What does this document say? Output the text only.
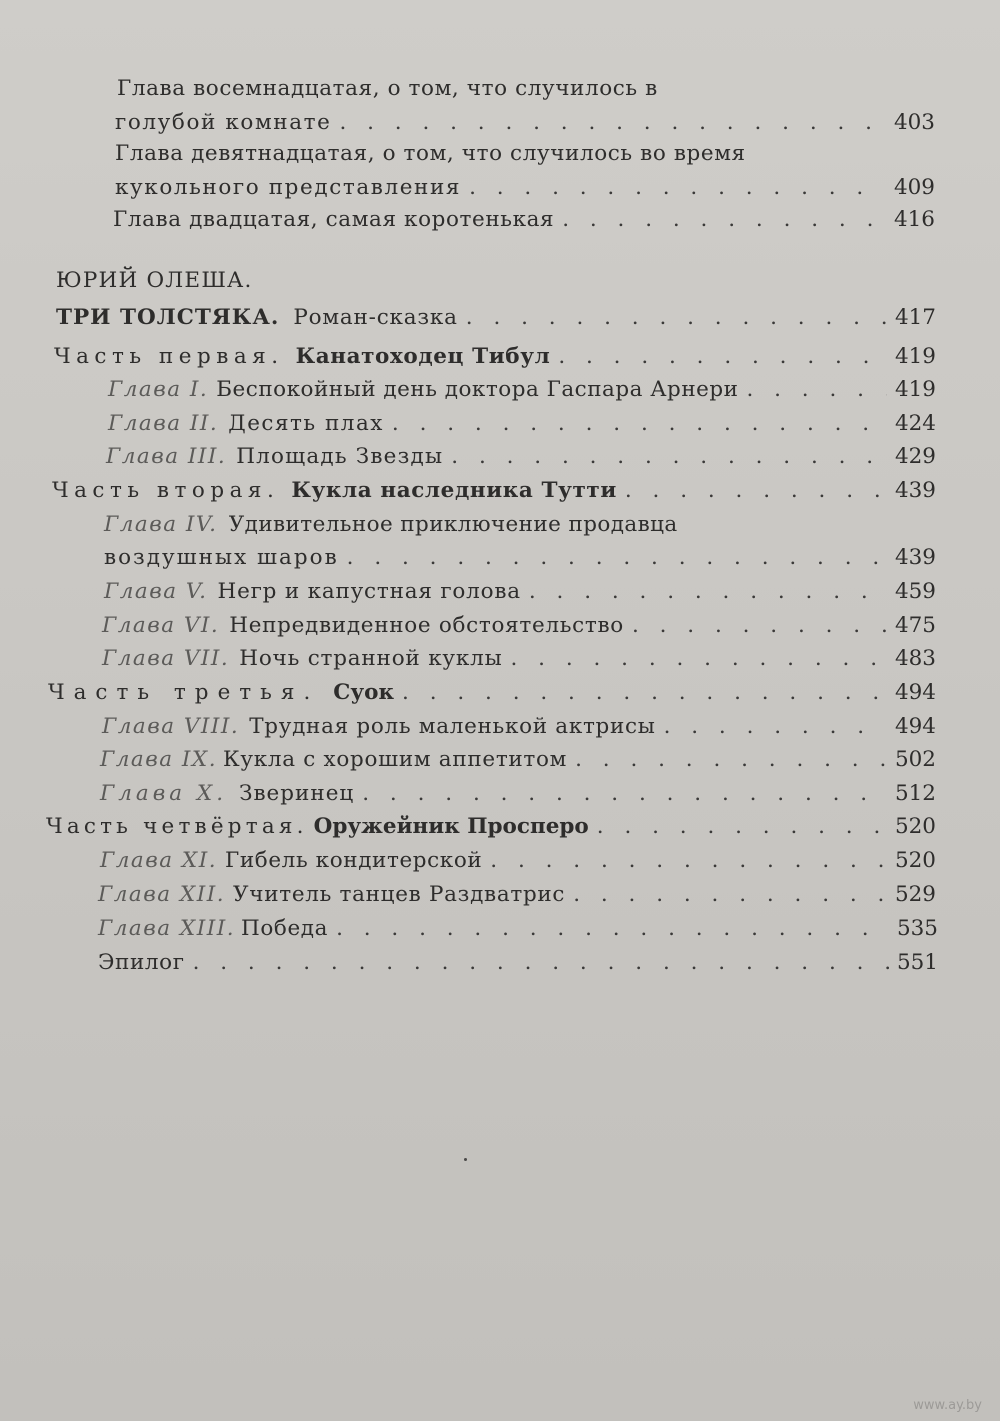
Глава восемнадцатая, о том, что случилось в
голубой комнате . . .	403
Глава девятнадцатая, о том, что случилось во время
кукольного представления . . .	409
Глава двадцатая, самая коротенькая . . .	416
ЮРИЙ ОЛЕША.
ТРИ ТОЛСТЯКА. Роман-сказка . . .	417
Часть первая. Канатоходец Тибул . . .	419
Глава I. Беспокойный день доктора Гаспара Арнери . . .	419
Глава II. Десять плах . . .	424
Глава III. Площадь Звезды . . .	429
Часть вторая. Кукла наследника Тутти . . .	439
Глава IV. Удивительное приключение продавца
воздушных шаров . . .	439
Глава V. Негр и капустная голова . . .	459
Глава VI. Непредвиденное обстоятельство . . .	475
Глава VII. Ночь странной куклы . . .	483
Часть третья. Суок . . .	494
Глава VIII. Трудная роль маленькой актрисы . . .	494
Глава IX. Кукла с хорошим аппетитом . . .	502
Глава X. Зверинец . . .	512
Часть четвёртая. Оружейник Просперо . . .	520
Глава XI. Гибель кондитерской . . .	520
Глава XII. Учитель танцев Раздватрис . . .	529
Глава XIII. Победа . . .	535
Эпилог . . .	551
www.ay.by
